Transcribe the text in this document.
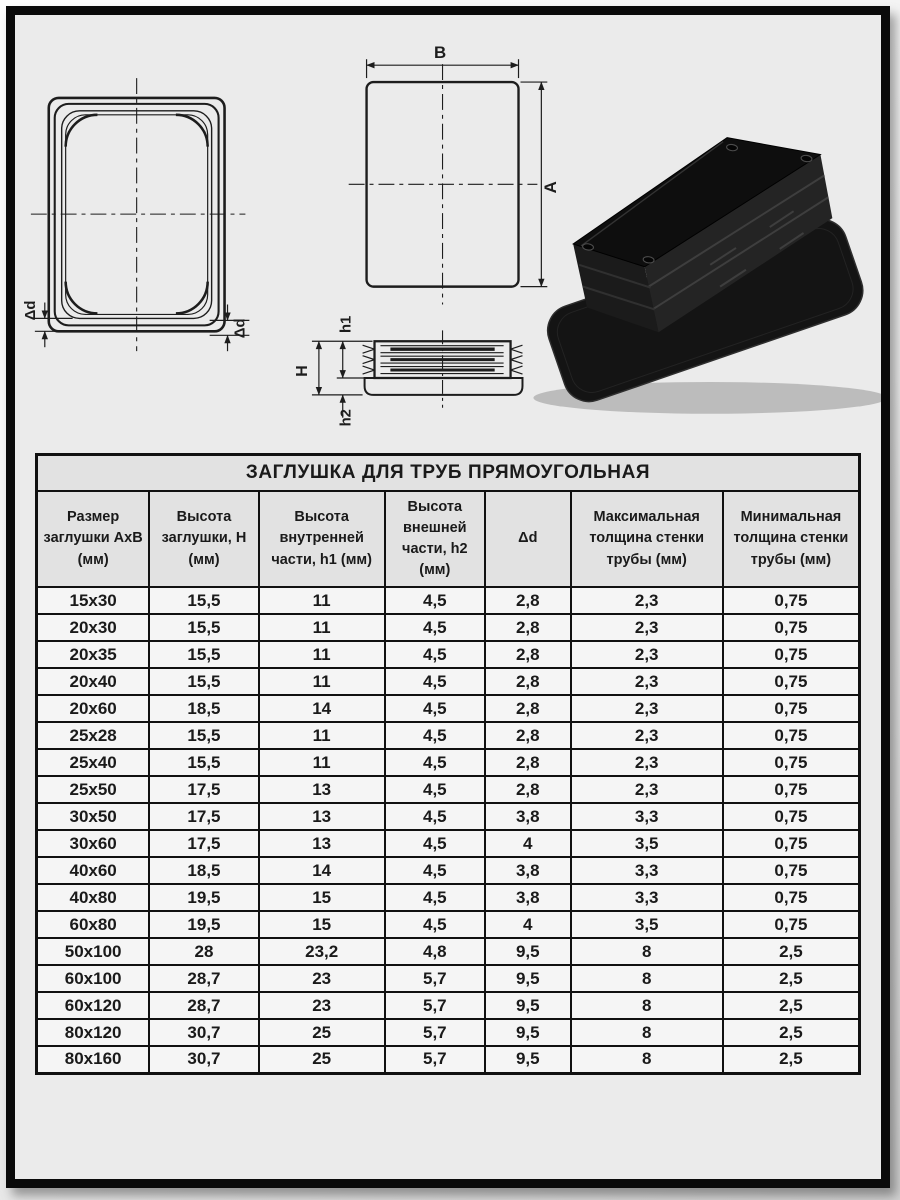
Δd
Δd
B
A
H
h1
h2
ЗАГЛУШКА ДЛЯ ТРУБ ПРЯМОУГОЛЬНАЯ						
Размер заглушки АхВ (мм)	Высота заглушки, Н (мм)	Высота внутренней части, h1 (мм)	Высота внешней части, h2 (мм)	Δd	Максимальная толщина стенки трубы (мм)	Минимальная толщина стенки трубы (мм)
15х30	15,5	11	4,5	2,8	2,3	0,75
20х30	15,5	11	4,5	2,8	2,3	0,75
20х35	15,5	11	4,5	2,8	2,3	0,75
20х40	15,5	11	4,5	2,8	2,3	0,75
20х60	18,5	14	4,5	2,8	2,3	0,75
25х28	15,5	11	4,5	2,8	2,3	0,75
25х40	15,5	11	4,5	2,8	2,3	0,75
25х50	17,5	13	4,5	2,8	2,3	0,75
30х50	17,5	13	4,5	3,8	3,3	0,75
30х60	17,5	13	4,5	4	3,5	0,75
40х60	18,5	14	4,5	3,8	3,3	0,75
40х80	19,5	15	4,5	3,8	3,3	0,75
60х80	19,5	15	4,5	4	3,5	0,75
50х100	28	23,2	4,8	9,5	8	2,5
60х100	28,7	23	5,7	9,5	8	2,5
60х120	28,7	23	5,7	9,5	8	2,5
80х120	30,7	25	5,7	9,5	8	2,5
80х160	30,7	25	5,7	9,5	8	2,5
